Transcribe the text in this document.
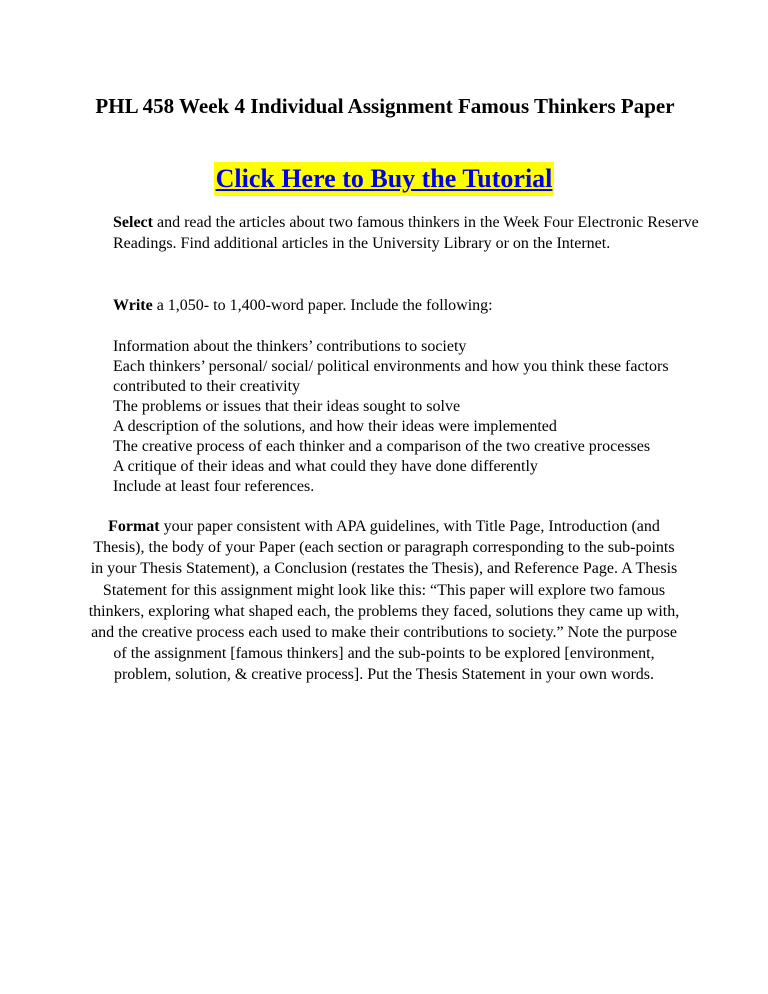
PHL 458 Week 4 Individual Assignment Famous Thinkers Paper
Click Here to Buy the Tutorial
Select and read the articles about two famous thinkers in the Week Four Electronic Reserve Readings. Find additional articles in the University Library or on the Internet.
Write a 1,050- to 1,400-word paper. Include the following:
Information about the thinkers’ contributions to society
Each thinkers’ personal/ social/ political environments and how you think these factors contributed to their creativity
The problems or issues that their ideas sought to solve
A description of the solutions, and how their ideas were implemented
The creative process of each thinker and a comparison of the two creative processes
A critique of their ideas and what could they have done differently
Include at least four references.
Format your paper consistent with APA guidelines, with Title Page, Introduction (and Thesis), the body of your Paper (each section or paragraph corresponding to the sub-points in your Thesis Statement), a Conclusion (restates the Thesis), and Reference Page. A Thesis Statement for this assignment might look like this: “This paper will explore two famous thinkers, exploring what shaped each, the problems they faced, solutions they came up with, and the creative process each used to make their contributions to society.” Note the purpose of the assignment [famous thinkers] and the sub-points to be explored [environment, problem, solution, & creative process]. Put the Thesis Statement in your own words.
